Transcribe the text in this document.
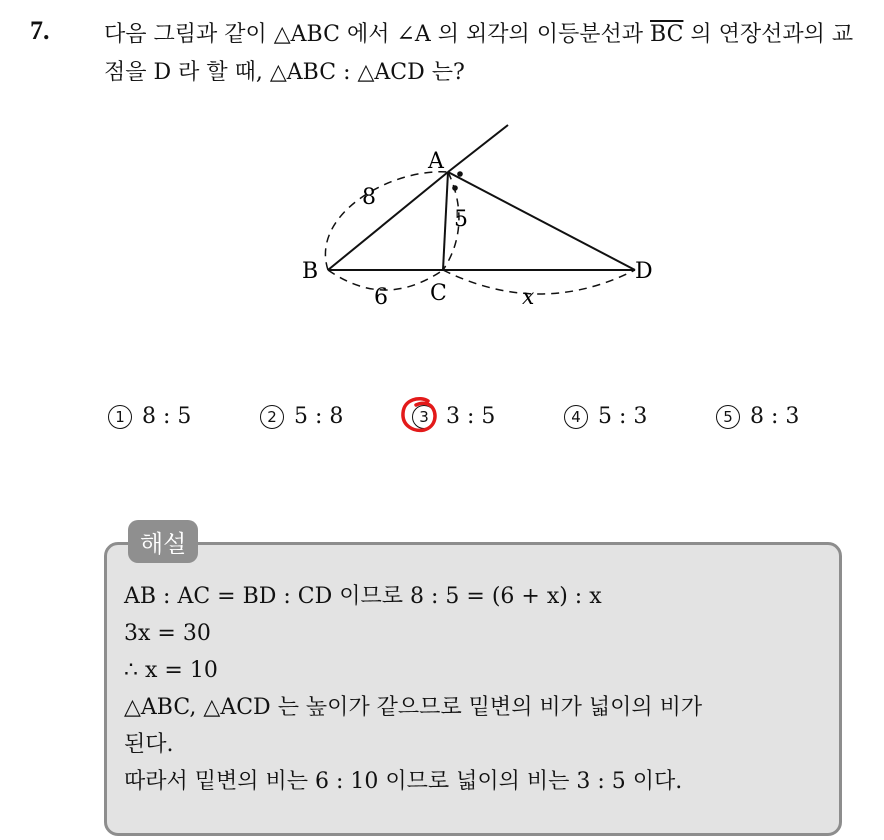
7. 다음 그림과 같이 △ABC 에서 ∠A 의 외각의 이등분선과 $\overline{BC}$ 의 연장선과의 교점을 D 라 할 때, △ABC : △ACD 는?
A
B
C
D
8
5
6	x
1 8 : 5	2 5 : 8	3 3 : 5	4 5 : 3	5 8 : 3
해설
AB : AC = BD : CD 이므로 8 : 5 = (6 + x) : x
3x = 30
∴ x = 10
△ABC, △ACD 는 높이가 같으므로 밑변의 비가 넓이의 비가
된다.
따라서 밑변의 비는 6 : 10 이므로 넓이의 비는 3 : 5 이다.
